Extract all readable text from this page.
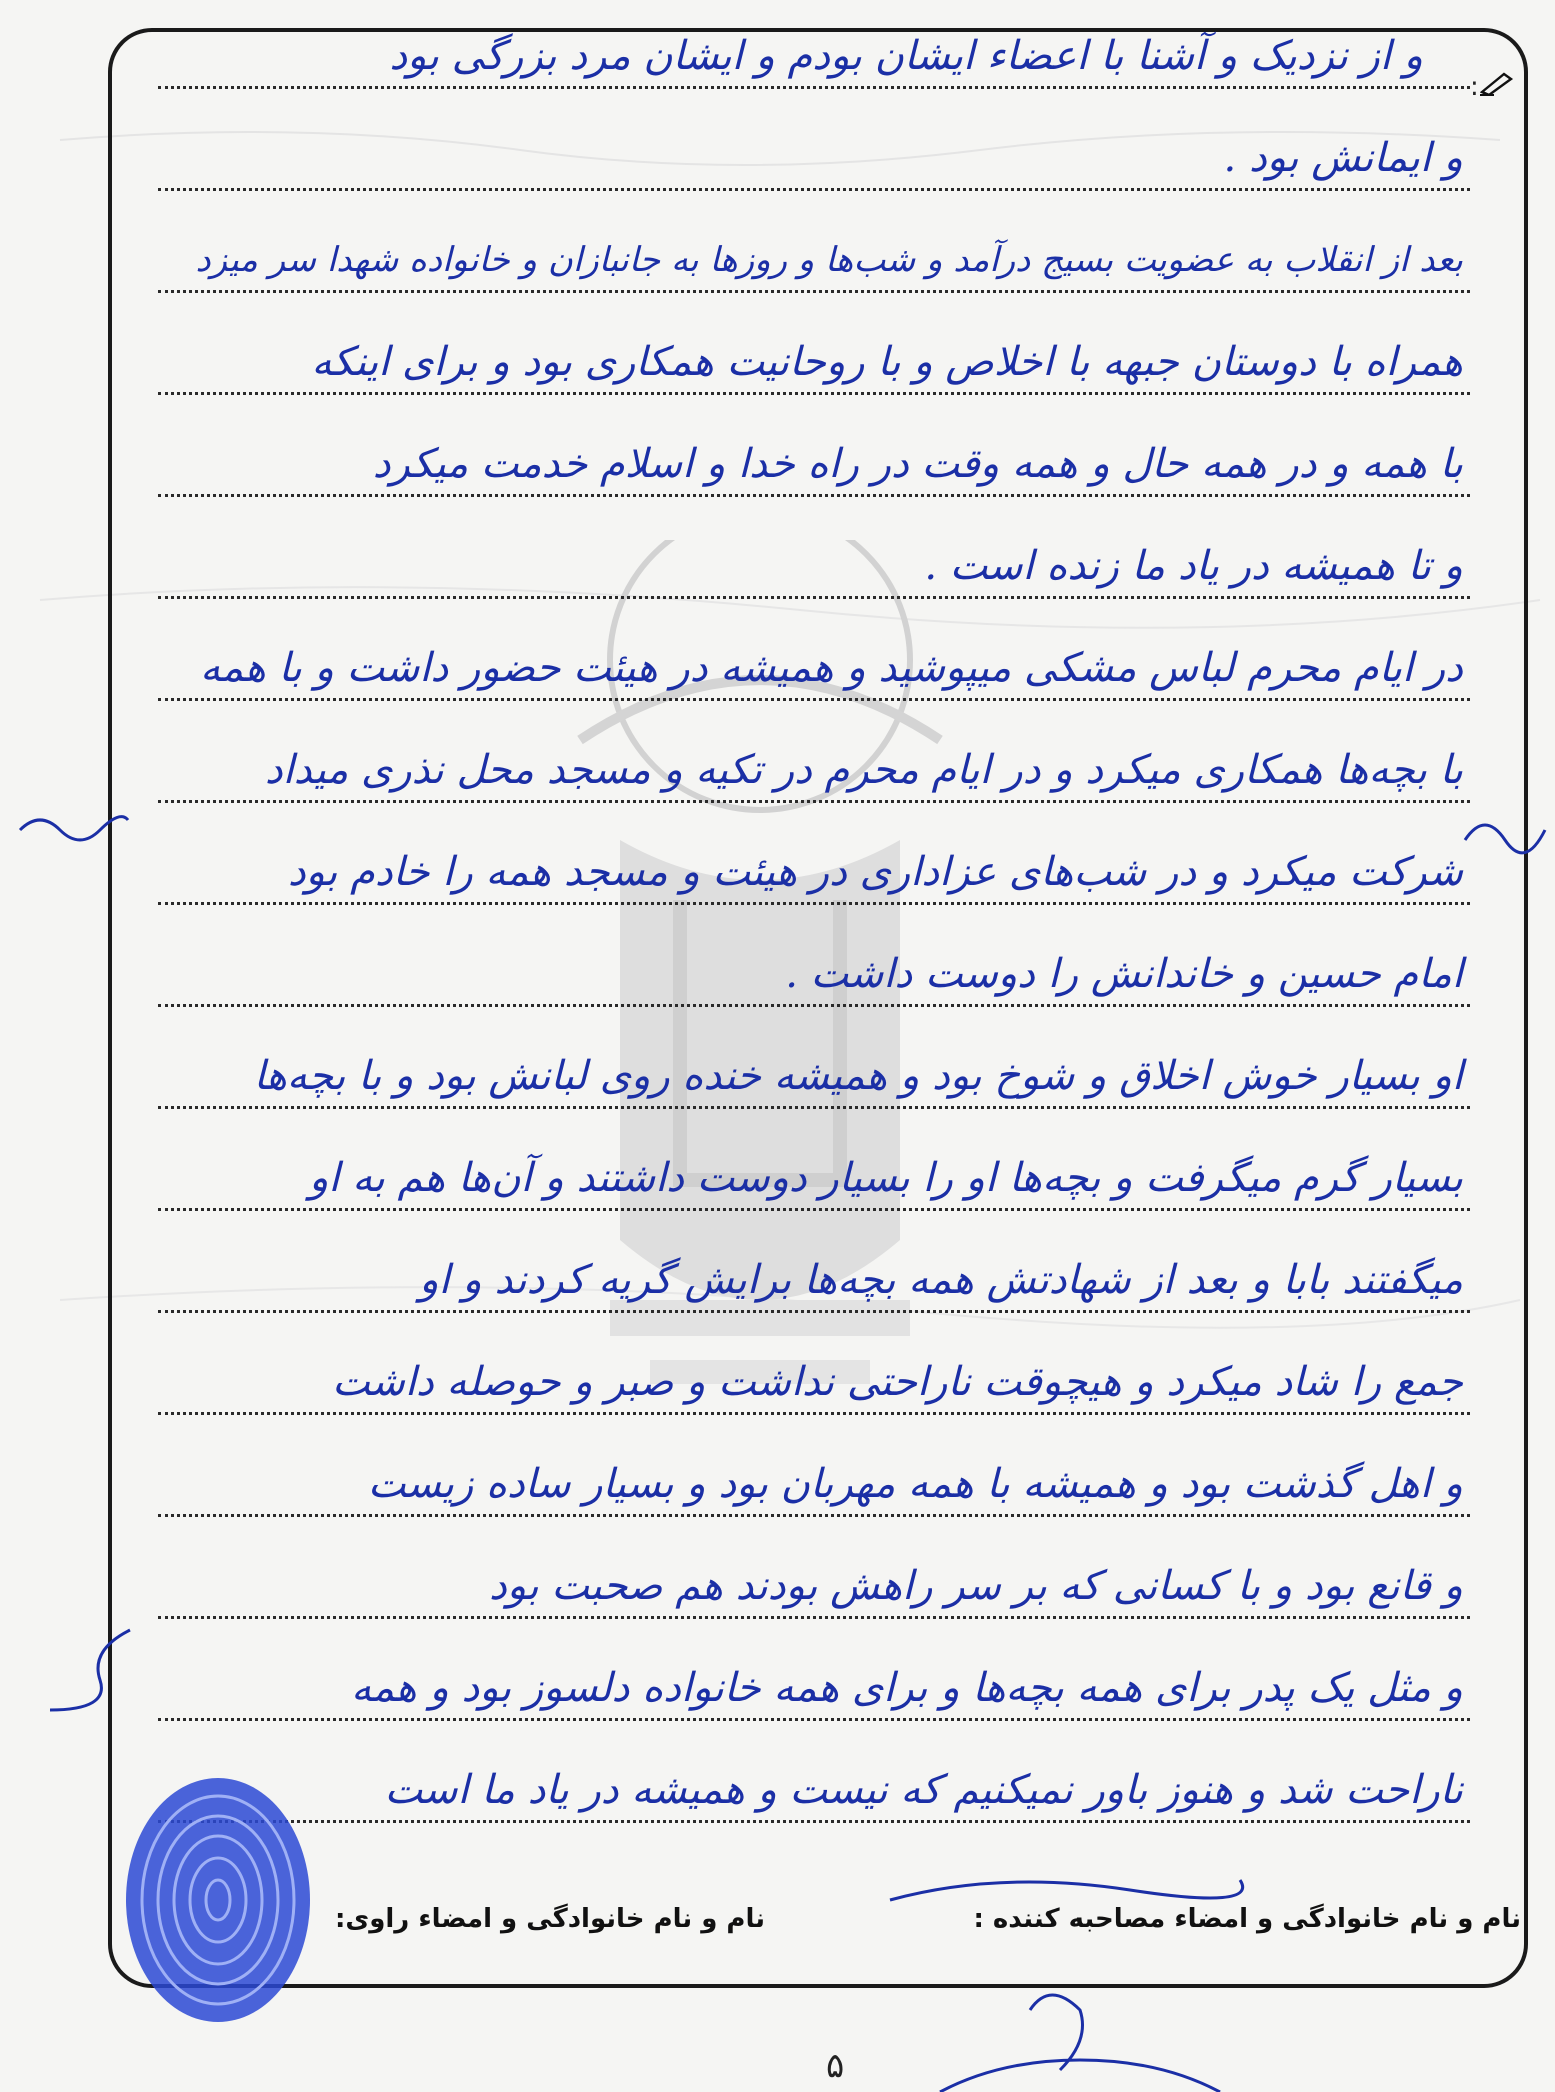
:
و از نزدیک و آشنا با اعضاء ایشان بودم و ایشان مرد بزرگی بود
و ایمانش بود .
بعد از انقلاب به عضویت بسیج درآمد و شب‌ها و روزها به جانبازان و خانواده شهدا سر میزد
همراه با دوستان جبهه با اخلاص و با روحانیت همکاری بود و برای اینکه
با همه و در همه حال و همه وقت در راه خدا و اسلام خدمت میکرد
و تا همیشه در یاد ما زنده است .
در ایام محرم لباس مشکی میپوشید و همیشه در هیئت حضور داشت و با همه
با بچه‌ها همکاری میکرد و در ایام محرم در تکیه و مسجد محل نذری میداد
شرکت میکرد و در شب‌های عزاداری در هیئت و مسجد همه را خادم بود
امام حسین و خاندانش را دوست داشت .
او بسیار خوش اخلاق و شوخ بود و همیشه خنده روی لبانش بود و با بچه‌ها
بسیار گرم میگرفت و بچه‌ها او را بسیار دوست داشتند و آن‌ها هم به او
میگفتند بابا و بعد از شهادتش همه بچه‌ها برایش گریه کردند و او
جمع را شاد میکرد و هیچوقت ناراحتی نداشت و صبر و حوصله داشت
و اهل گذشت بود و همیشه با همه مهربان بود و بسیار ساده زیست
و قانع بود و با کسانی که بر سر راهش بودند هم صحبت بود
و مثل یک پدر برای همه بچه‌ها و برای همه خانواده دلسوز بود و همه
ناراحت شد و هنوز باور نمیکنیم که نیست و همیشه در یاد ما است
نام و نام خانوادگی و امضاء مصاحبه کننده :
نام و نام خانوادگی و امضاء راوی:
۵
